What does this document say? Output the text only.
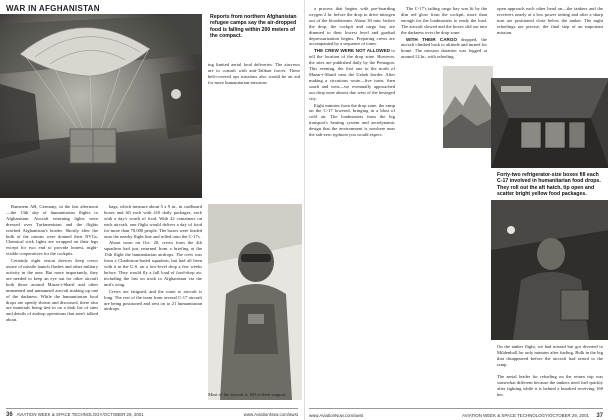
WAR IN AFGHANISTAN
Reports from northern Afghanistan refugee camps say the air-dropped food is falling within 200 meters of the compact.
ing limited aerial food deliveries. The aircrews are to consult with anti-Taliban forces. These belt-covered ops missions also would be an aid for more humanitarian missions.

Ramstein AB, Germany, in the last afternoon—the 13th day of humanitarian flights to Afghanistan. Aircraft returning lights were dressed over Turkmenistan and the flights reached Afghanistan's border. Shortly after the bulk of the rations were donned their NVGs. Chemical stick lights are wrapped on their legs except for two end to provide honest, night-visible cooperatives for the cockpits.

Certainly eight vision devices keep crews aware of missile launch flashes and other military activity in the area. But more importantly, they are needed to keep an eye out for other aircraft both those around Mazar-i-Sharif and other unmanned and unmanned aircraft making up one of the darkness. While the humanitarian food drops are openly shown and discussed, there also are materials being tied in on a dark list of sites and details of airdrop operations that aren't talked about.

bags, which measure about 5 x 9 in., in cardboard boxes and fill each with 410 daily packages, each with a day's worth of food. With 42 containers on each aircraft, one flight would deliver a day of food for more than 70,000 people. The boxes were loaded onto the nearby flight line and rolled onto the C-17s.

About noon on Oct. 20, crews from the 4th squadron had just returned from a briefing at the 15th flight the humanitarian airdrops. The crew was from a Charleston-based squadron, but had all been with it in the U.S. on a low-level drop a few weeks before. They would fly a full load of food-drop air, including the last on track to Afghanistan via the unit's wing.

Crews are fatigued, and the route to aircraft is long. The rest of the team from several C-17 aircraft are being positioned and sent on to 21 humanitarian airdrops.

Most of the aircraft is 100 of their support.
36 AVIATION WEEK & SPACE TECHNOLOGY/OCTOBER 29, 2001	www.AviationNow.com/awst

a process that begins with pre-boarding oxygen 2 hr. before the drop to drive nitrogen out of the bloodstream. About 30 min. before the drop, the cockpit and cargo bay are dimmed to their lowest level and gradual depressurization begins. Preparing crews are accompanied by a sequence of tones.

THE CREW WERE NOT ALLOWED to tell the location of the drop zone. However, the sites are published daily by the Pentagon. This evening, the first one to the north of Mazar-i-Sharif near the Uzbek border. After making a circuitous route—five turns, then south and west—we eventually approached our drop zone almost due west of the besieged city.

Eight minutes from the drop zone, the ramp on the C-17 lowered, bringing in a blast of cold air. The loadmasters from the big transport's heating system and aerodynamic design that the environment is nowhere near the sub-zero typhoon you would expect.

The C-17's tailing cargo bay was lit by the dim red glow from the cockpit, more than enough for the loadmasters to ready the load. The aircraft slowed and the boxes slid out into the darkness over the drop zone.

WITH THEIR CARGO dropped, the aircraft climbed back to altitude and turned for home. The mission duration was logged at around 12 hr., with refueling.

open approach each other head on—the tankers and the receivers nearly at a low power setting and after a sharp turn are positioned close below the tanker. The night refuelings are precise, the final step of an important mission.
Forty-two refrigerator-size boxes fill each C-17 involved in humanitarian food drops. They roll out the aft hatch, tip open and scatter bright yellow food packages.
On the tanker flight, we had missed but got diverted to Mildenhall for only minutes after fueling. Bulk in the big that disappeared before the aircraft had raised to the ramp.
The aerial leader for refueling on the return trip was somewhat different because the tankers need fuel quickly after fighting while it is behind a hundred receiving 160 ker.
www.AviationNow.com/awst	AVIATION WEEK & SPACE TECHNOLOGY/OCTOBER 29, 2001 37
